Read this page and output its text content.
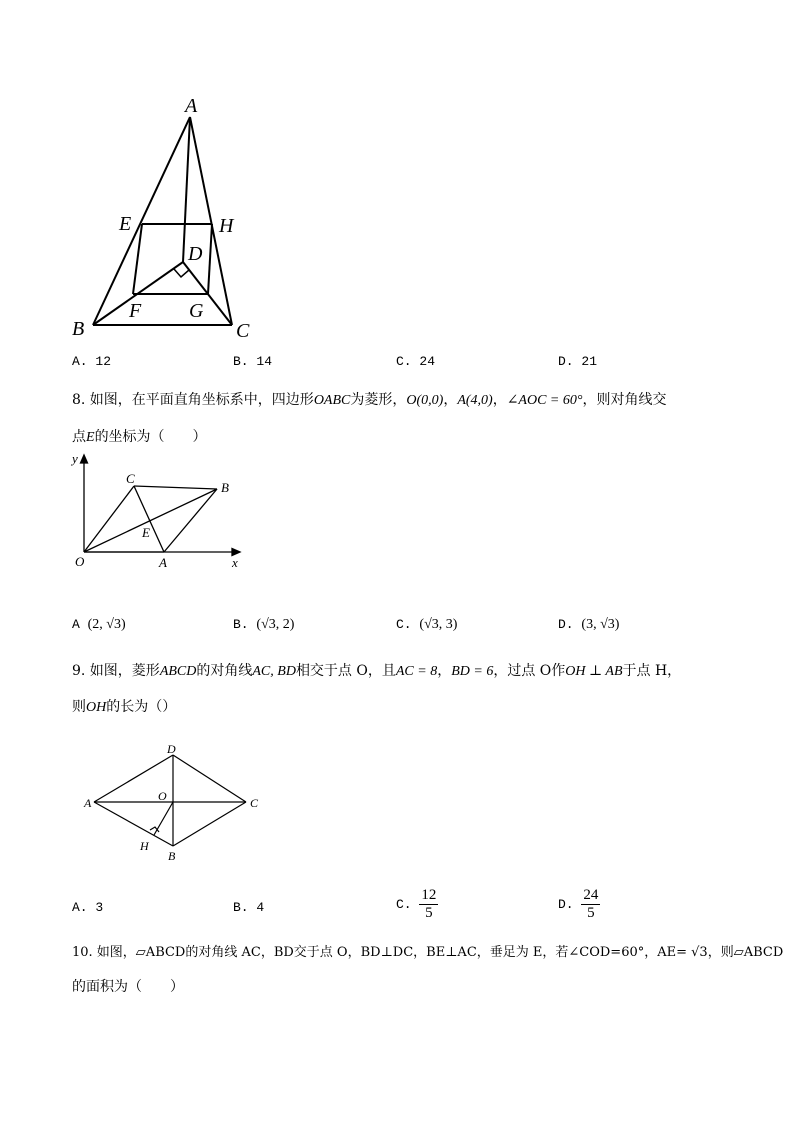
A
E	H
D
F G
B	C
A. 12	B. 14	C. 24	D. 21
8. 如图，在平面直角坐标系中，四边形OABC为菱形，O(0,0)，A(4,0)，∠AOC = 60°，则对角线交
点E的坐标为（　　）
y
C
B
E
O	A	x
A (2, √3)	B. (√3, 2)	C. (√3, 3)	D. (3, √3)
9. 如图，菱形ABCD的对角线AC, BD相交于点 O，且AC = 8，BD = 6，过点 O作OH ⊥ AB于点 H，
则OH的长为（）
D
A	O	C
H
B
A. 3	B. 4	C. $\frac{12}{5}$	D. $\frac{24}{5}$
10. 如图，▱ABCD的对角线 AC，BD交于点 O，BD⊥DC，BE⊥AC，垂足为 E，若∠COD=60°，AE= √3，则▱ABCD
的面积为（　　）
